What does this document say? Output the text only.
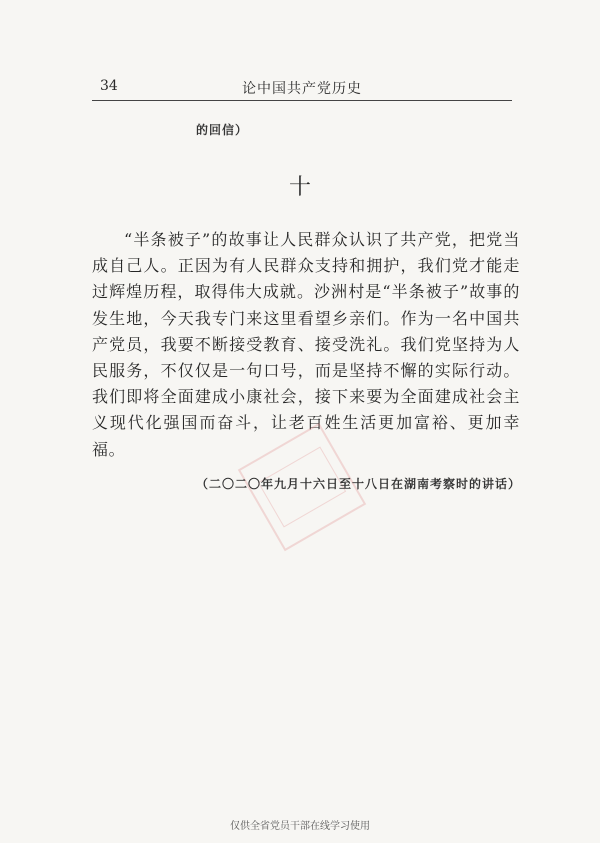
34	论中国共产党历史
的回信）
十
“半条被子”的故事让人民群众认识了共产党，把党当成自己人。正因为有人民群众支持和拥护，我们党才能走过辉煌历程，取得伟大成就。沙洲村是“半条被子”故事的发生地，今天我专门来这里看望乡亲们。作为一名中国共产党员，我要不断接受教育、接受洗礼。我们党坚持为人民服务，不仅仅是一句口号，而是坚持不懈的实际行动。我们即将全面建成小康社会，接下来要为全面建成社会主义现代化强国而奋斗，让老百姓生活更加富裕、更加幸福。
（二〇二〇年九月十六日至十八日在湖南考察时的讲话）
仅供全省党员干部在线学习使用
